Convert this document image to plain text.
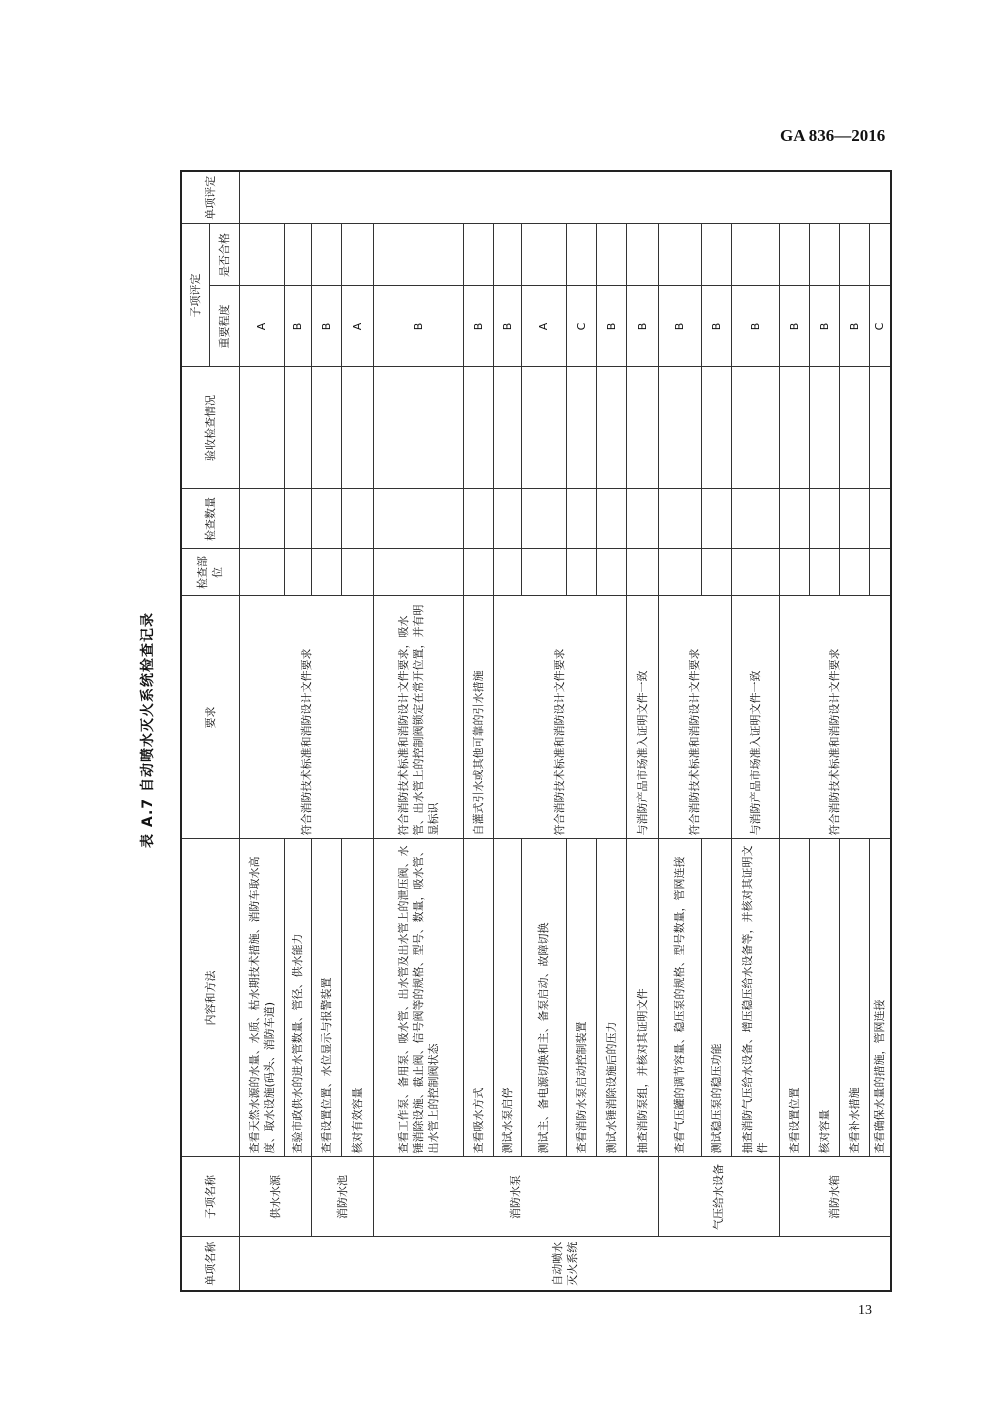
GA 836—2016
表 A.7 自动喷水灭火系统检查记录
单项名称	子项名称	内容和方法	要求	检查部位	检查数量	验收检查情况	子项评定		单项评定
							重要程度	是否合格	
自动喷水灭火系统	供水水源	查看天然水源的水量、水质、枯水期技术措施、消防车取水高度、取水设施(码头、消防车道)	符合消防技术标准和消防设计文件要求				A		
		查验市政供水的进水管数量、管径、供水能力					B		
	消防水池	查看设置位置、水位显示与报警装置					B		
		核对有效容量					A		
	消防水泵	查看工作泵、备用泵、吸水管、出水管及出水管上的泄压阀、水锤消除设施、截止阀、信号阀等的规格、型号、数量，吸水管、出水管上的控制阀状态	符合消防技术标准和消防设计文件要求，吸水管、出水管上的控制阀锁定在常开位置，并有明显标识				B		
		查看吸水方式	自灌式引水或其他可靠的引水措施				B		
		测试水泵启停	符合消防技术标准和消防设计文件要求				B		
		测试主、备电源切换和主、备泵启动、故障切换					A		
		查看消防水泵启动控制装置					C		
		测试水锤消除设施后的压力					B		
		抽查消防泵组，并核对其证明文件	与消防产品市场准入证明文件一致				B		
	气压给水设备	查看气压罐的调节容量、稳压泵的规格、型号数量，管网连接	符合消防技术标准和消防设计文件要求				B		
		测试稳压泵的稳压功能					B		
		抽查消防气压给水设备、增压稳压给水设备等，并核对其证明文件	与消防产品市场准入证明文件一致				B		
	消防水箱	查看设置位置	符合消防技术标准和消防设计文件要求				B		
		核对容量					B		
		查看补水措施					B		
		查看确保水量的措施，管网连接					C		
13
